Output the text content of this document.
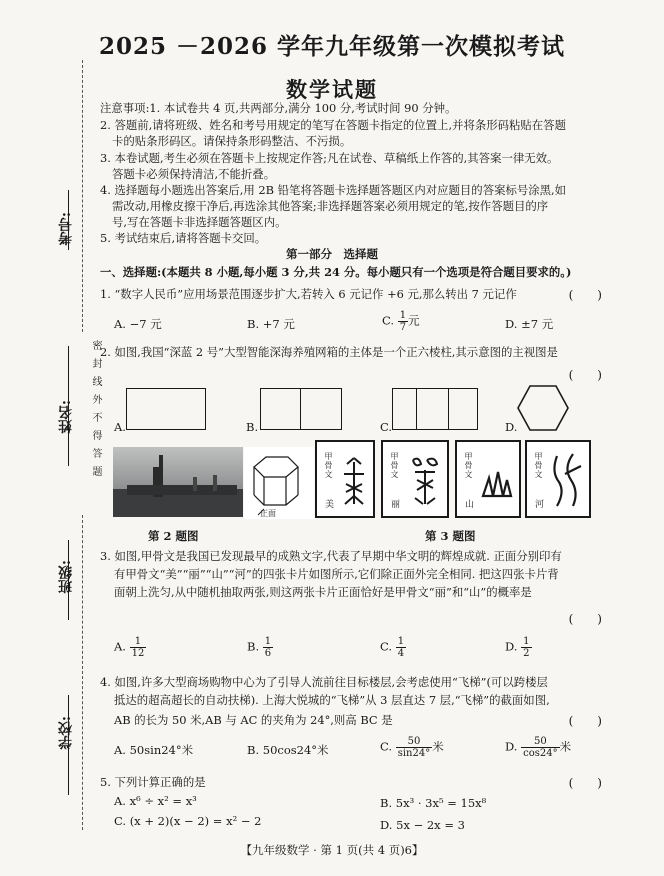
2025 －2026 学年九年级第一次模拟考试
数学试题
考号:
姓名:
班级:
学校:
密封线外不得答题
注意事项:1. 本试卷共 4 页,共两部分,满分 100 分,考试时间 90 分钟。
2. 答题前,请将班级、姓名和考号用规定的笔写在答题卡指定的位置上,并将条形码粘贴在答题
卡的贴条形码区。请保持条形码整洁、不污损。
3. 本卷试题,考生必须在答题卡上按规定作答;凡在试卷、草稿纸上作答的,其答案一律无效。
答题卡必须保持清洁,不能折叠。
4. 选择题每小题选出答案后,用 2B 铅笔将答题卡选择题答题区内对应题目的答案标号涂黑,如
需改动,用橡皮擦干净后,再选涂其他答案;非选择题答案必须用规定的笔,按作答题目的序
号,写在答题卡非选择题答题区内。
5. 考试结束后,请将答题卡交回。
第一部分　选择题
一、选择题:(本题共 8 小题,每小题 3 分,共 24 分。每小题只有一个选项是符合题目要求的。)
1. “数字人民币”应用场景范围逐步扩大,若转入 6 元记作 +6 元,那么转出 7 元记作	(　　)
A. −7 元	B. +7 元	C. $\frac{1}{7}$ 元	D. ±7 元
2. 如图,我国“深蓝 2 号”大型智能深海养殖网箱的主体是一个正六棱柱,其示意图的主视图是
(　　)
A.	B.	C.	D.
正面
第 2 题图
甲骨文
美
甲骨文
丽
甲骨文
山
甲骨文
河
第 3 题图
3. 如图,甲骨文是我国已发现最早的成熟文字,代表了早期中华文明的辉煌成就. 正面分别印有
有甲骨文“美”“丽”“山”“河”的四张卡片如图所示,它们除正面外完全相同. 把这四张卡片背
面朝上洗匀,从中随机抽取两张,则这两张卡片正面恰好是甲骨文“丽”和“山”的概率是
(　　)
A. $\frac{1}{12}$	B. $\frac{1}{6}$	C. $\frac{1}{4}$	D. $\frac{1}{2}$
4. 如图,许多大型商场购物中心为了引导人流前往目标楼层,会考虑使用“飞梯”(可以跨楼层
抵达的超高超长的自动扶梯). 上海大悦城的“飞梯”从 3 层直达 7 层,“飞梯”的截面如图,
AB 的长为 50 米,AB 与 AC 的夹角为 24°,则高 BC 是	(　　)
A. 50sin24°米	B. 50cos24°米	C. $\frac{50}{\sin 24^\circ}$ 米	D. $\frac{50}{\cos 24^\circ}$ 米
5. 下列计算正确的是	(　　)
A. x⁶ ÷ x² = x³	B. 5x³ · 3x⁵ = 15x⁸
C. (x + 2)(x − 2) = x² − 2	D. 5x − 2x = 3
【九年级数学 · 第 1 页(共 4 页)6】
